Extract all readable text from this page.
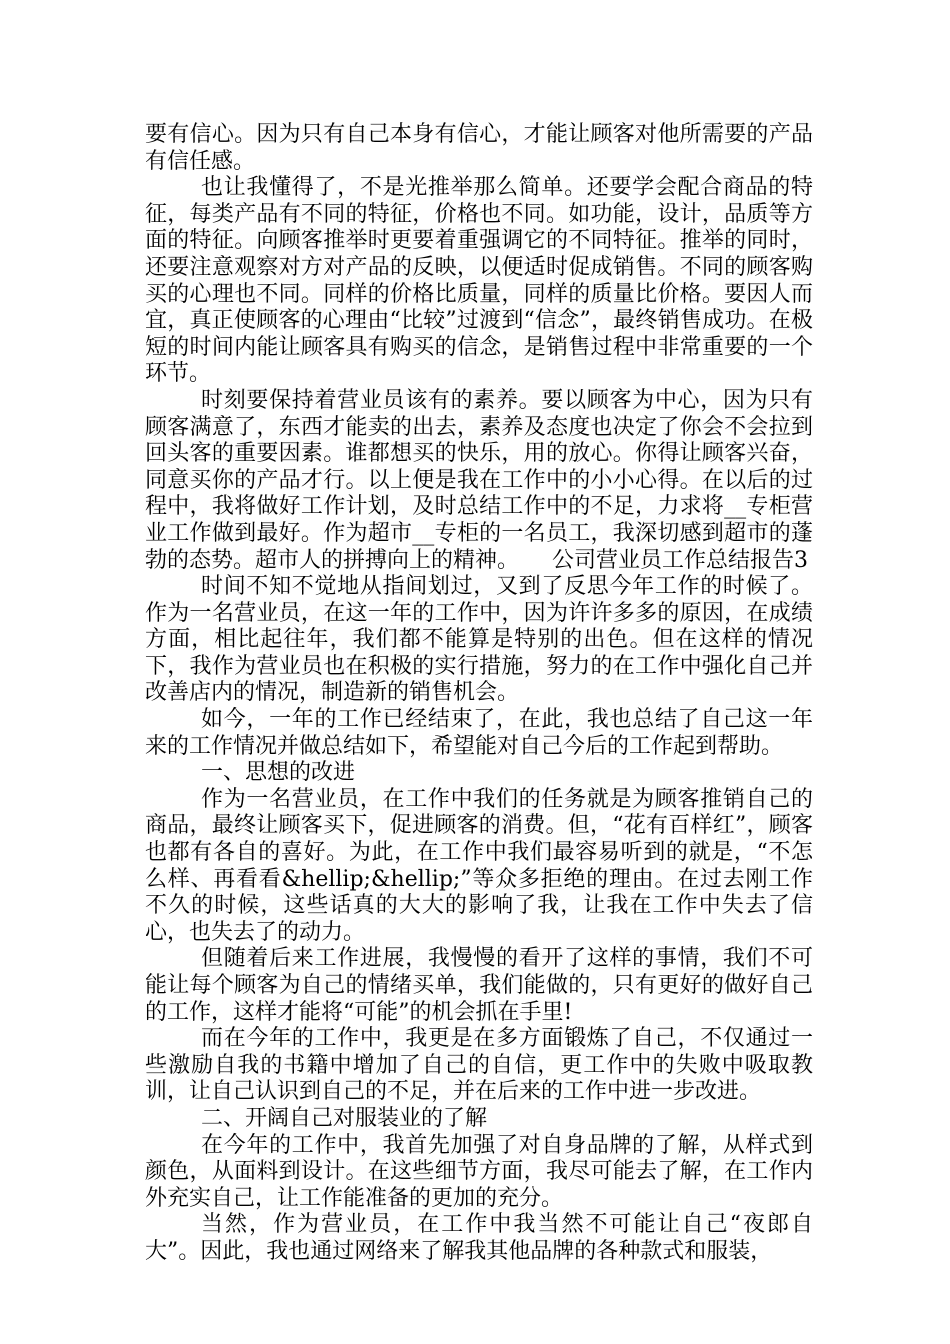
要有信心。因为只有自己本身有信心，才能让顾客对他所需要的产品有信任感。

也让我懂得了，不是光推举那么简单。还要学会配合商品的特征，每类产品有不同的特征，价格也不同。如功能，设计，品质等方面的特征。向顾客推举时更要着重强调它的不同特征。推举的同时，还要注意观察对方对产品的反映，以便适时促成销售。不同的顾客购买的心理也不同。同样的价格比质量，同样的质量比价格。要因人而宜，真正使顾客的心理由“比较”过渡到“信念”，最终销售成功。在极短的时间内能让顾客具有购买的信念，是销售过程中非常重要的一个环节。

时刻要保持着营业员该有的素养。要以顾客为中心，因为只有顾客满意了，东西才能卖的出去，素养及态度也决定了你会不会拉到回头客的重要因素。谁都想买的快乐，用的放心。你得让顾客兴奋，同意买你的产品才行。以上便是我在工作中的小小心得。在以后的过程中，我将做好工作计划，及时总结工作中的不足，力求将__专柜营业工作做到最好。作为超市__专柜的一名员工，我深切感到超市的蓬勃的态势。超市人的拼搏向上的精神。　　公司营业员工作总结报告3

时间不知不觉地从指间划过，又到了反思今年工作的时候了。作为一名营业员，在这一年的工作中，因为许许多多的原因，在成绩方面，相比起往年，我们都不能算是特别的出色。但在这样的情况下，我作为营业员也在积极的实行措施，努力的在工作中强化自己并改善店内的情况，制造新的销售机会。

如今，一年的工作已经结束了，在此，我也总结了自己这一年来的工作情况并做总结如下，希望能对自己今后的工作起到帮助。

一、思想的改进

作为一名营业员，在工作中我们的任务就是为顾客推销自己的商品，最终让顾客买下，促进顾客的消费。但，“花有百样红”，顾客也都有各自的喜好。为此，在工作中我们最容易听到的就是，“不怎么样、再看看&hellip;&hellip;”等众多拒绝的理由。在过去刚工作不久的时候，这些话真的大大的影响了我，让我在工作中失去了信心，也失去了的动力。

但随着后来工作进展，我慢慢的看开了这样的事情，我们不可能让每个顾客为自己的情绪买单，我们能做的，只有更好的做好自己的工作，这样才能将“可能”的机会抓在手里!

而在今年的工作中，我更是在多方面锻炼了自己，不仅通过一些激励自我的书籍中增加了自己的自信，更工作中的失败中吸取教训，让自己认识到自己的不足，并在后来的工作中进一步改进。

二、开阔自己对服装业的了解

在今年的工作中，我首先加强了对自身品牌的了解，从样式到颜色，从面料到设计。在这些细节方面，我尽可能去了解，在工作内外充实自己，让工作能准备的更加的充分。

当然，作为营业员，在工作中我当然不可能让自己“夜郎自大”。因此，我也通过网络来了解我其他品牌的各种款式和服装，
